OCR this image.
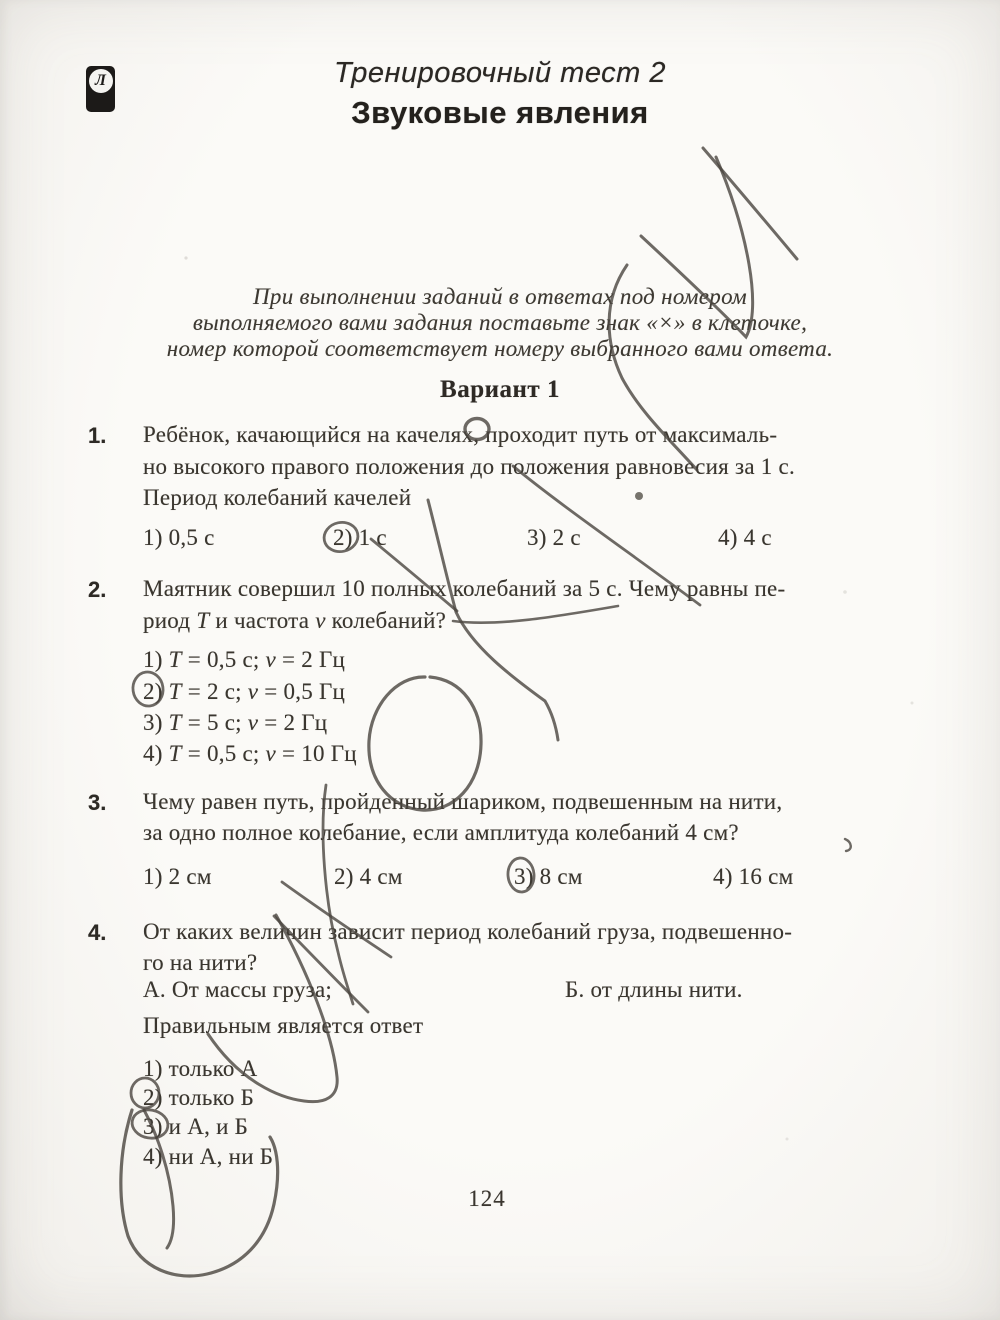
Л	Тренировочный тест 2
Звуковые явления
При выполнении заданий в ответах под номером
выполняемого вами задания поставьте знак «×» в клеточке,
номер которой соответствует номеру выбранного вами ответа.
Вариант 1
1. Ребёнок, качающийся на качелях, проходит путь от максималь-
но высокого правого положения до положения равновесия за 1 с.
Период колебаний качелей
1) 0,5 с	2) 1 с	3) 2 с	4) 4 с
2. Маятник совершил 10 полных колебаний за 5 с. Чему равны пе-
риод T и частота ν колебаний?
1) T = 0,5 с; ν = 2 Гц
2) T = 2 с; ν = 0,5 Гц
3) T = 5 с; ν = 2 Гц
4) T = 0,5 с; ν = 10 Гц
3. Чему равен путь, пройденный шариком, подвешенным на нити,
за одно полное колебание, если амплитуда колебаний 4 см?
1) 2 см	2) 4 см	3) 8 см	4) 16 см
4. От каких величин зависит период колебаний груза, подвешенно-
го на нити?
А. От массы груза;	Б. от длины нити.
Правильным является ответ
1) только А
2) только Б
3) и А, и Б
4) ни А, ни Б
124
